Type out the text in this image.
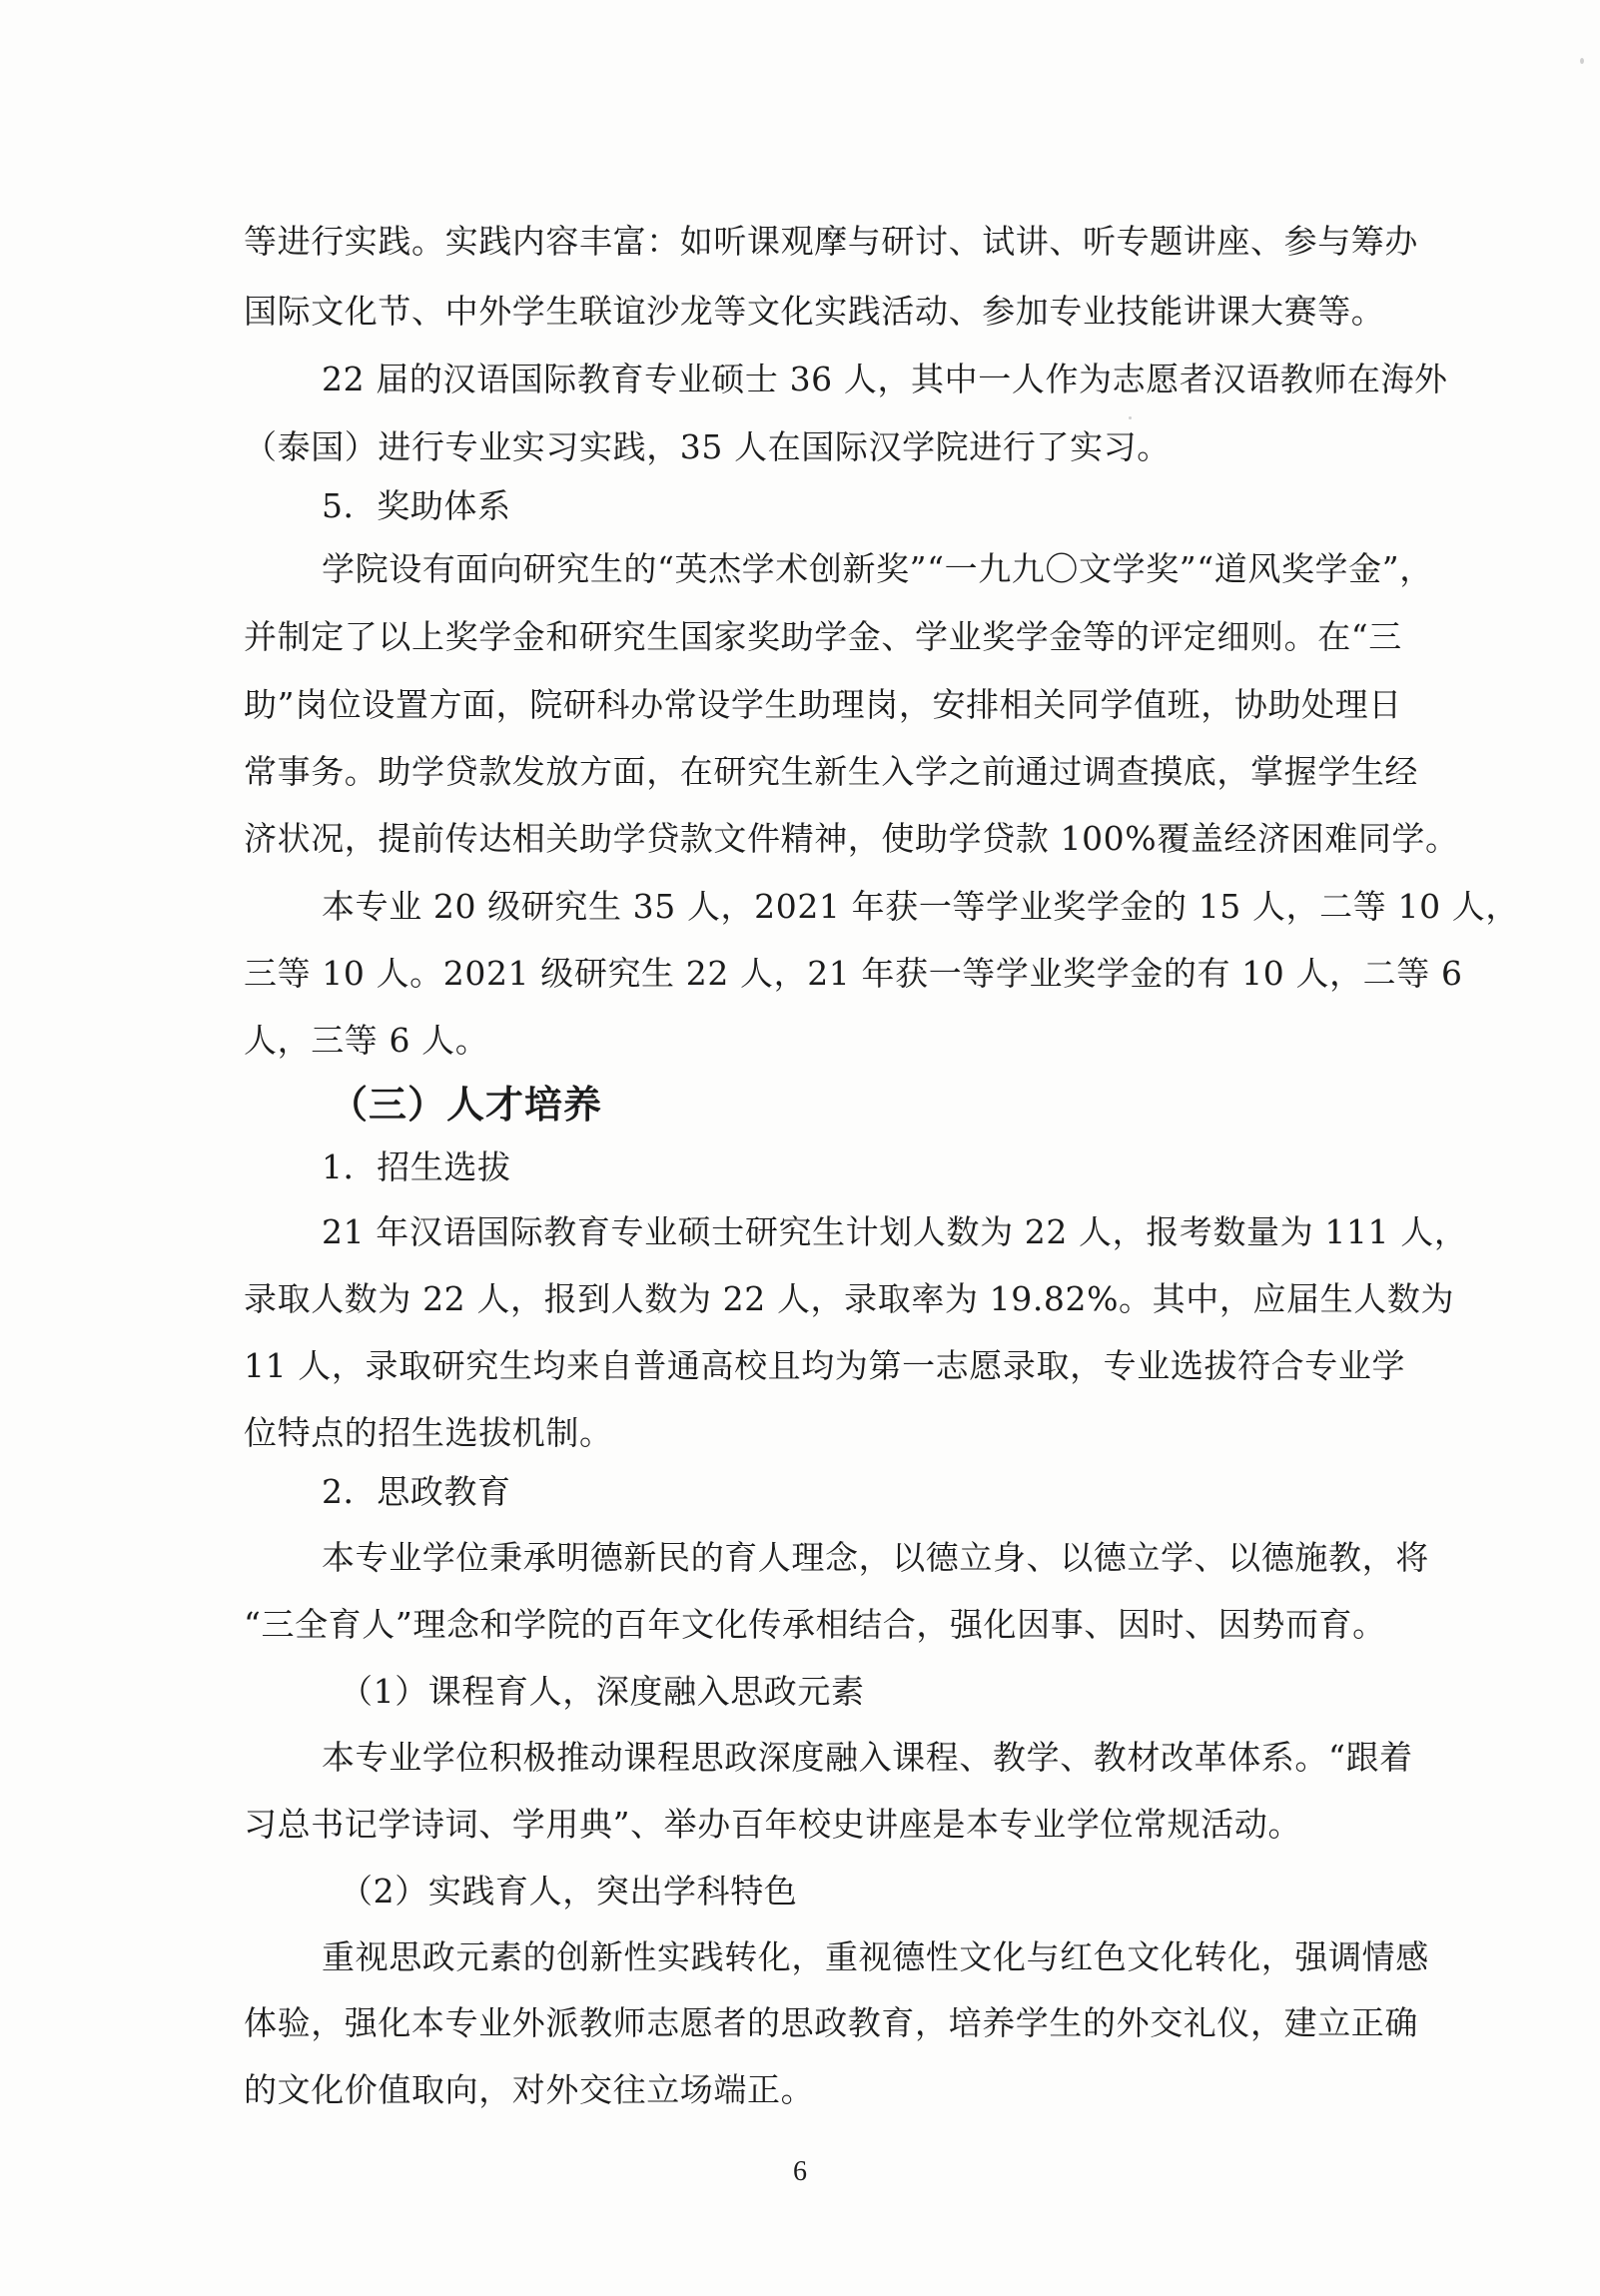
等进行实践。实践内容丰富：如听课观摩与研讨、试讲、听专题讲座、参与筹办
国际文化节、中外学生联谊沙龙等文化实践活动、参加专业技能讲课大赛等。
22 届的汉语国际教育专业硕士 36 人，其中一人作为志愿者汉语教师在海外
（泰国）进行专业实习实践，35 人在国际汉学院进行了实习。
5．奖助体系
学院设有面向研究生的“英杰学术创新奖”“一九九〇文学奖”“道风奖学金”，
并制定了以上奖学金和研究生国家奖助学金、学业奖学金等的评定细则。在“三
助”岗位设置方面，院研科办常设学生助理岗，安排相关同学值班，协助处理日
常事务。助学贷款发放方面，在研究生新生入学之前通过调查摸底，掌握学生经
济状况，提前传达相关助学贷款文件精神，使助学贷款 100%覆盖经济困难同学。
本专业 20 级研究生 35 人，2021 年获一等学业奖学金的 15 人，二等 10 人，
三等 10 人。2021 级研究生 22 人，21 年获一等学业奖学金的有 10 人，二等 6
人，三等 6 人。
（三）人才培养
1．招生选拔
21 年汉语国际教育专业硕士研究生计划人数为 22 人，报考数量为 111 人，
录取人数为 22 人，报到人数为 22 人，录取率为 19.82%。其中，应届生人数为
11 人，录取研究生均来自普通高校且均为第一志愿录取，专业选拔符合专业学
位特点的招生选拔机制。
2．思政教育
本专业学位秉承明德新民的育人理念，以德立身、以德立学、以德施教，将
“三全育人”理念和学院的百年文化传承相结合，强化因事、因时、因势而育。
（1）课程育人，深度融入思政元素
本专业学位积极推动课程思政深度融入课程、教学、教材改革体系。“跟着
习总书记学诗词、学用典”、举办百年校史讲座是本专业学位常规活动。
（2）实践育人，突出学科特色
重视思政元素的创新性实践转化，重视德性文化与红色文化转化，强调情感
体验，强化本专业外派教师志愿者的思政教育，培养学生的外交礼仪，建立正确
的文化价值取向，对外交往立场端正。
6
